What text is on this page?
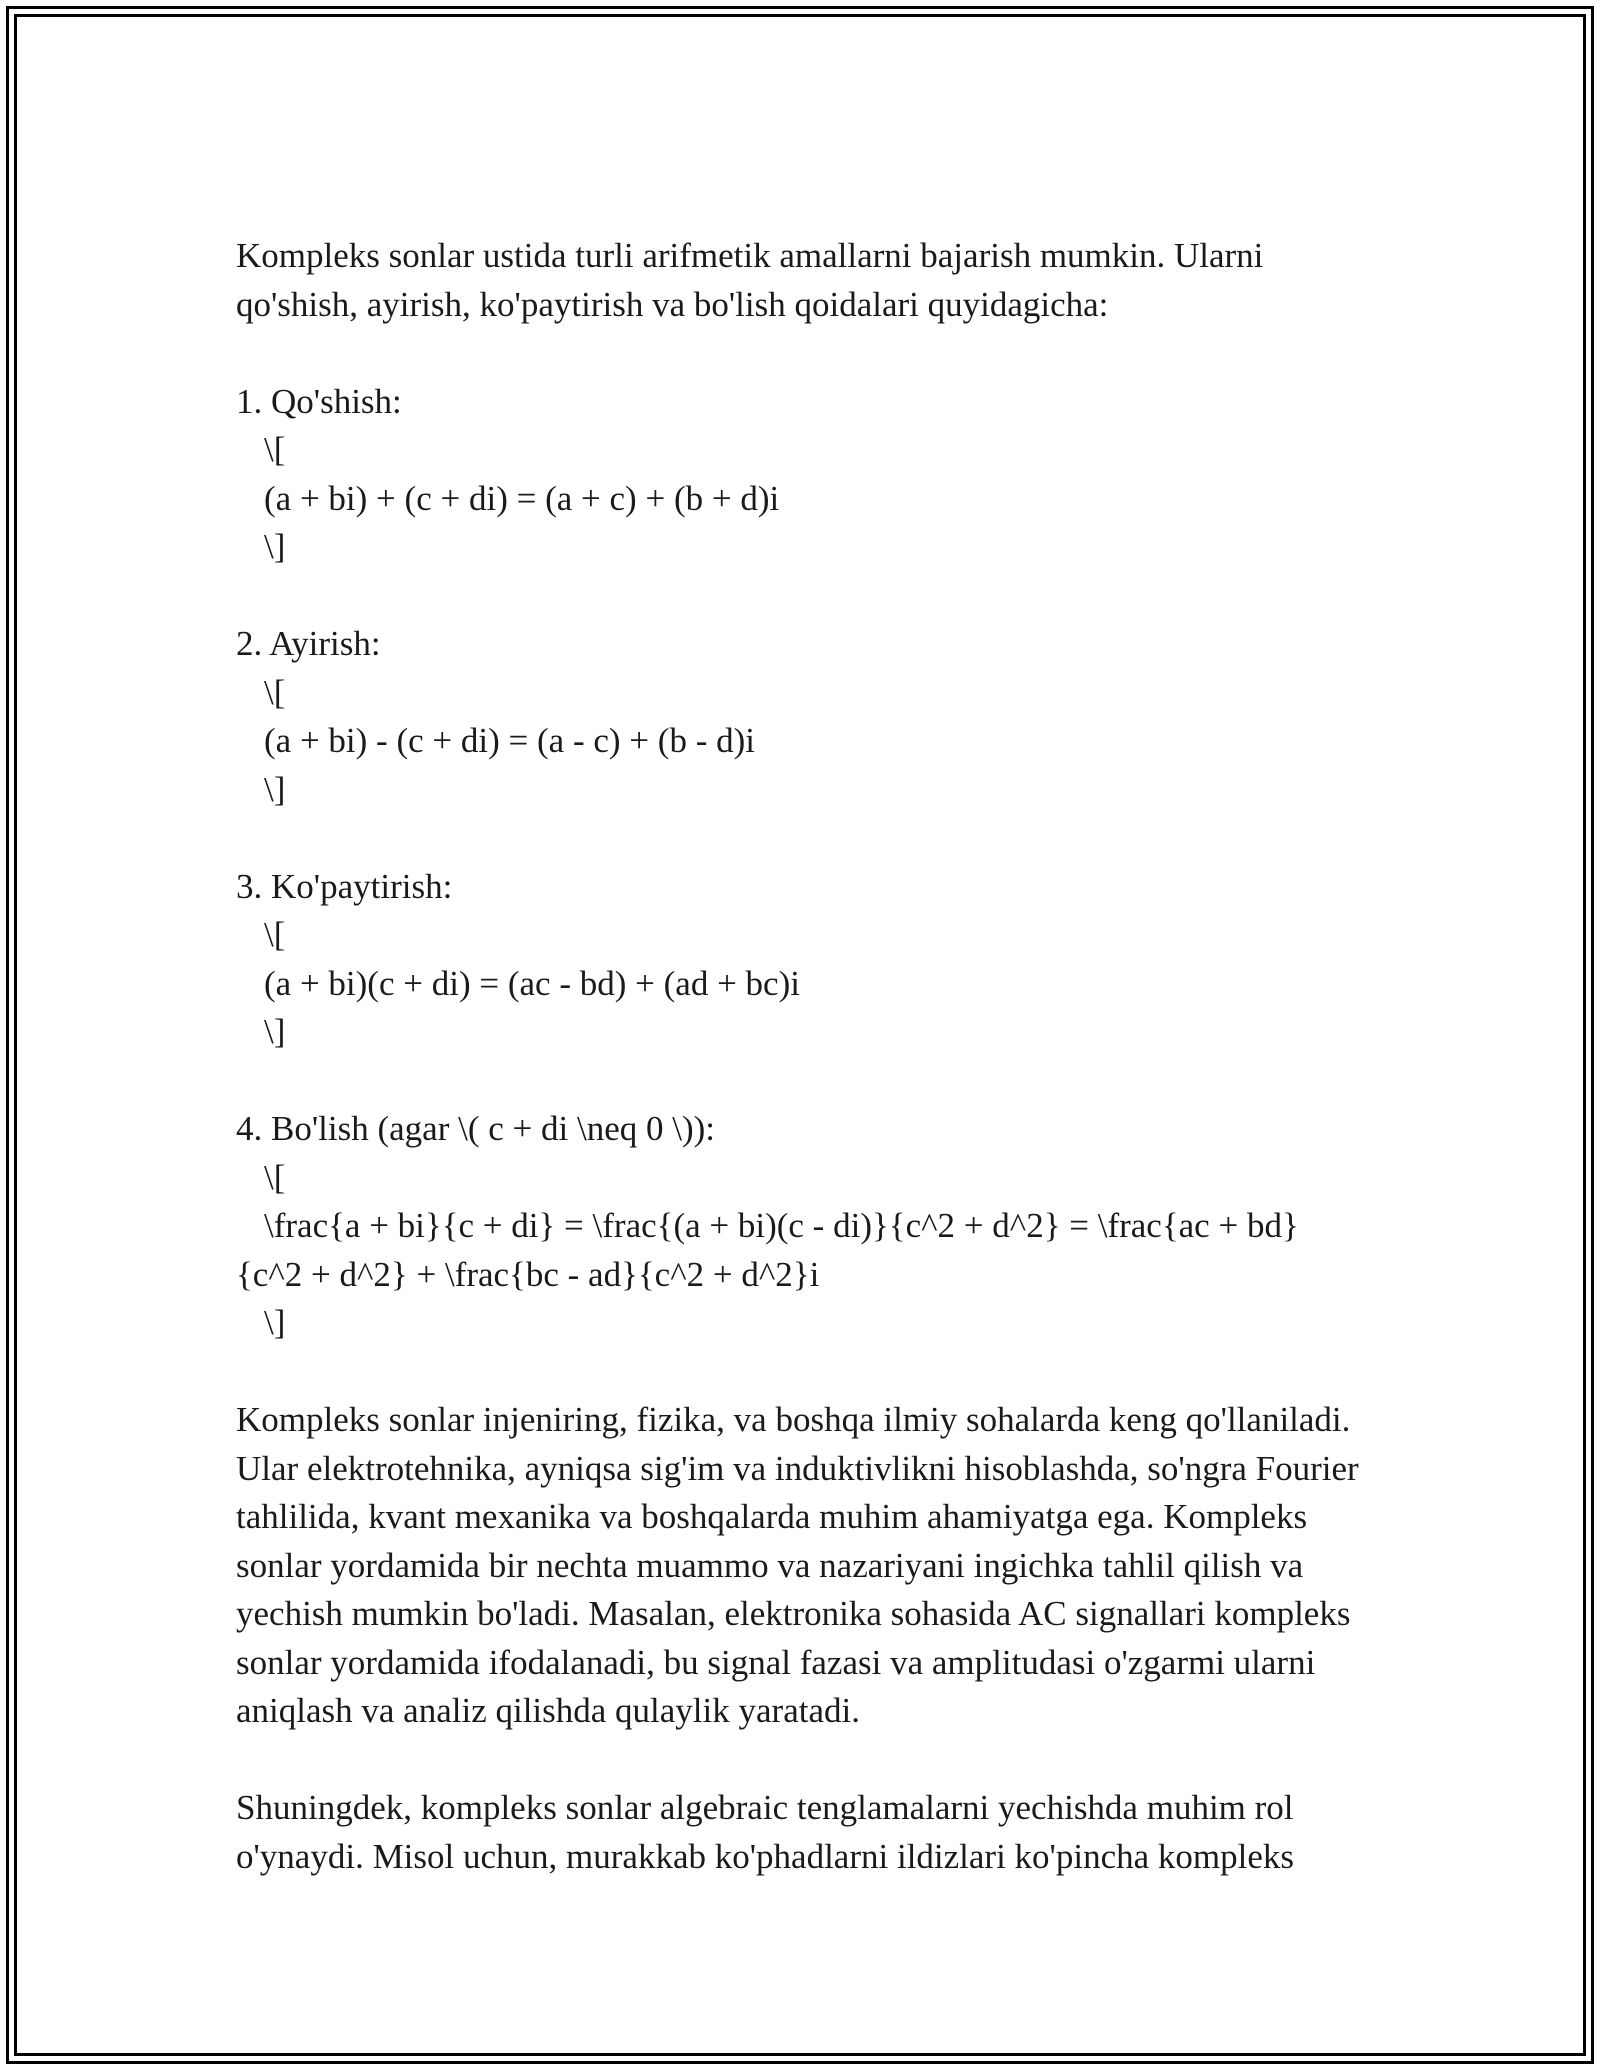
Kompleks sonlar ustida turli arifmetik amallarni bajarish mumkin. Ularni qo'shish, ayirish, ko'paytirish va bo'lish qoidalari quyidagicha:

1. Qo'shish:
\[
(a + bi) + (c + di) = (a + c) + (b + d)i
\]
2. Ayirish:
\[
(a + bi) - (c + di) = (a - c) + (b - d)i
\]
3. Ko'paytirish:
\[
(a + bi)(c + di) = (ac - bd) + (ad + bc)i
\]
4. Bo'lish (agar \( c + di \neq 0 \)):
\[
\frac{a + bi}{c + di} = \frac{(a + bi)(c - di)}{c^2 + d^2} = \frac{ac + bd}
{c^2 + d^2} + \frac{bc - ad}{c^2 + d^2}i
\]

Kompleks sonlar injeniring, fizika, va boshqa ilmiy sohalarda keng qo'llaniladi. Ular elektrotehnika, ayniqsa sig'im va induktivlikni hisoblashda, so'ngra Fourier tahlilida, kvant mexanika va boshqalarda muhim ahamiyatga ega. Kompleks sonlar yordamida bir nechta muammo va nazariyani ingichka tahlil qilish va yechish mumkin bo'ladi. Masalan, elektronika sohasida AC signallari kompleks sonlar yordamida ifodalanadi, bu signal fazasi va amplitudasi o'zgarmi ularni aniqlash va analiz qilishda qulaylik yaratadi.

Shuningdek, kompleks sonlar algebraic tenglamalarni yechishda muhim rol o'ynaydi. Misol uchun, murakkab ko'phadlarni ildizlari ko'pincha kompleks
